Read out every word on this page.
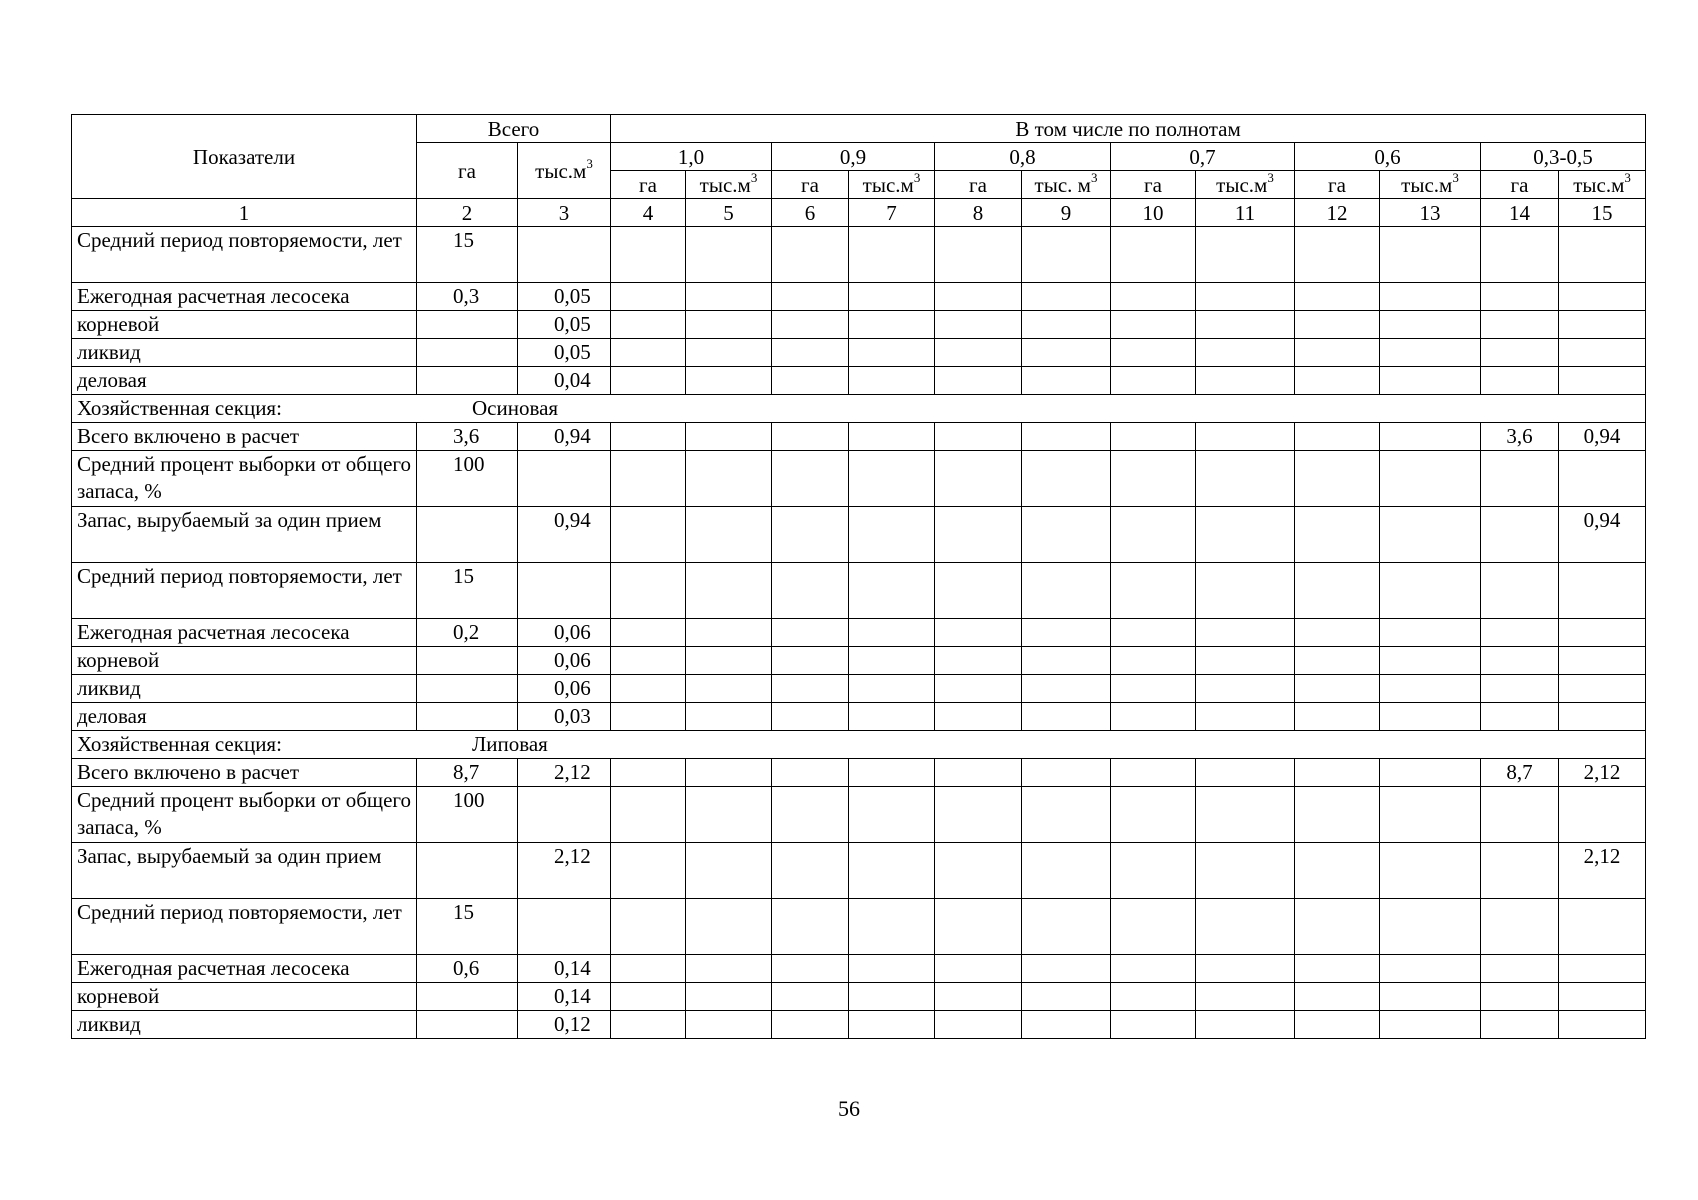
Показатели	Всего		В том числе по полнотам											
	га	$тыс.м^3$	1,0		0,9		0,8		0,7		0,6		0,3-0,5	
			га	$тыс.м^3$	га	$тыс.м^3$	га	тыс. $м^3$	га	$тыс.м^3$	га	$тыс.м^3$	га	$тыс.м^3$
1	2	3	4	5	6	7	8	9	10	11	12	13	14	15
Средний период повторяемости, лет	15													
Ежегодная расчетная лесосека	0,3	0,05												
корневой		0,05												
ликвид		0,05												
деловая		0,04												

Хозяйственная секция: Осиновая														

Всего включено в расчет	3,6	0,94											3,6	0,94
Средний процент выборки от общего запаса, %	100													
Запас, вырубаемый за один прием		0,94												0,94
Средний период повторяемости, лет	15													
Ежегодная расчетная лесосека	0,2	0,06												
корневой		0,06												
ликвид		0,06												
деловая		0,03												

Хозяйственная секция: Липовая														

Всего включено в расчет	8,7	2,12											8,7	2,12
Средний процент выборки от общего запаса, %	100													
Запас, вырубаемый за один прием		2,12												2,12
Средний период повторяемости, лет	15													
Ежегодная расчетная лесосека	0,6	0,14												
корневой		0,14												
ликвид		0,12												
56
